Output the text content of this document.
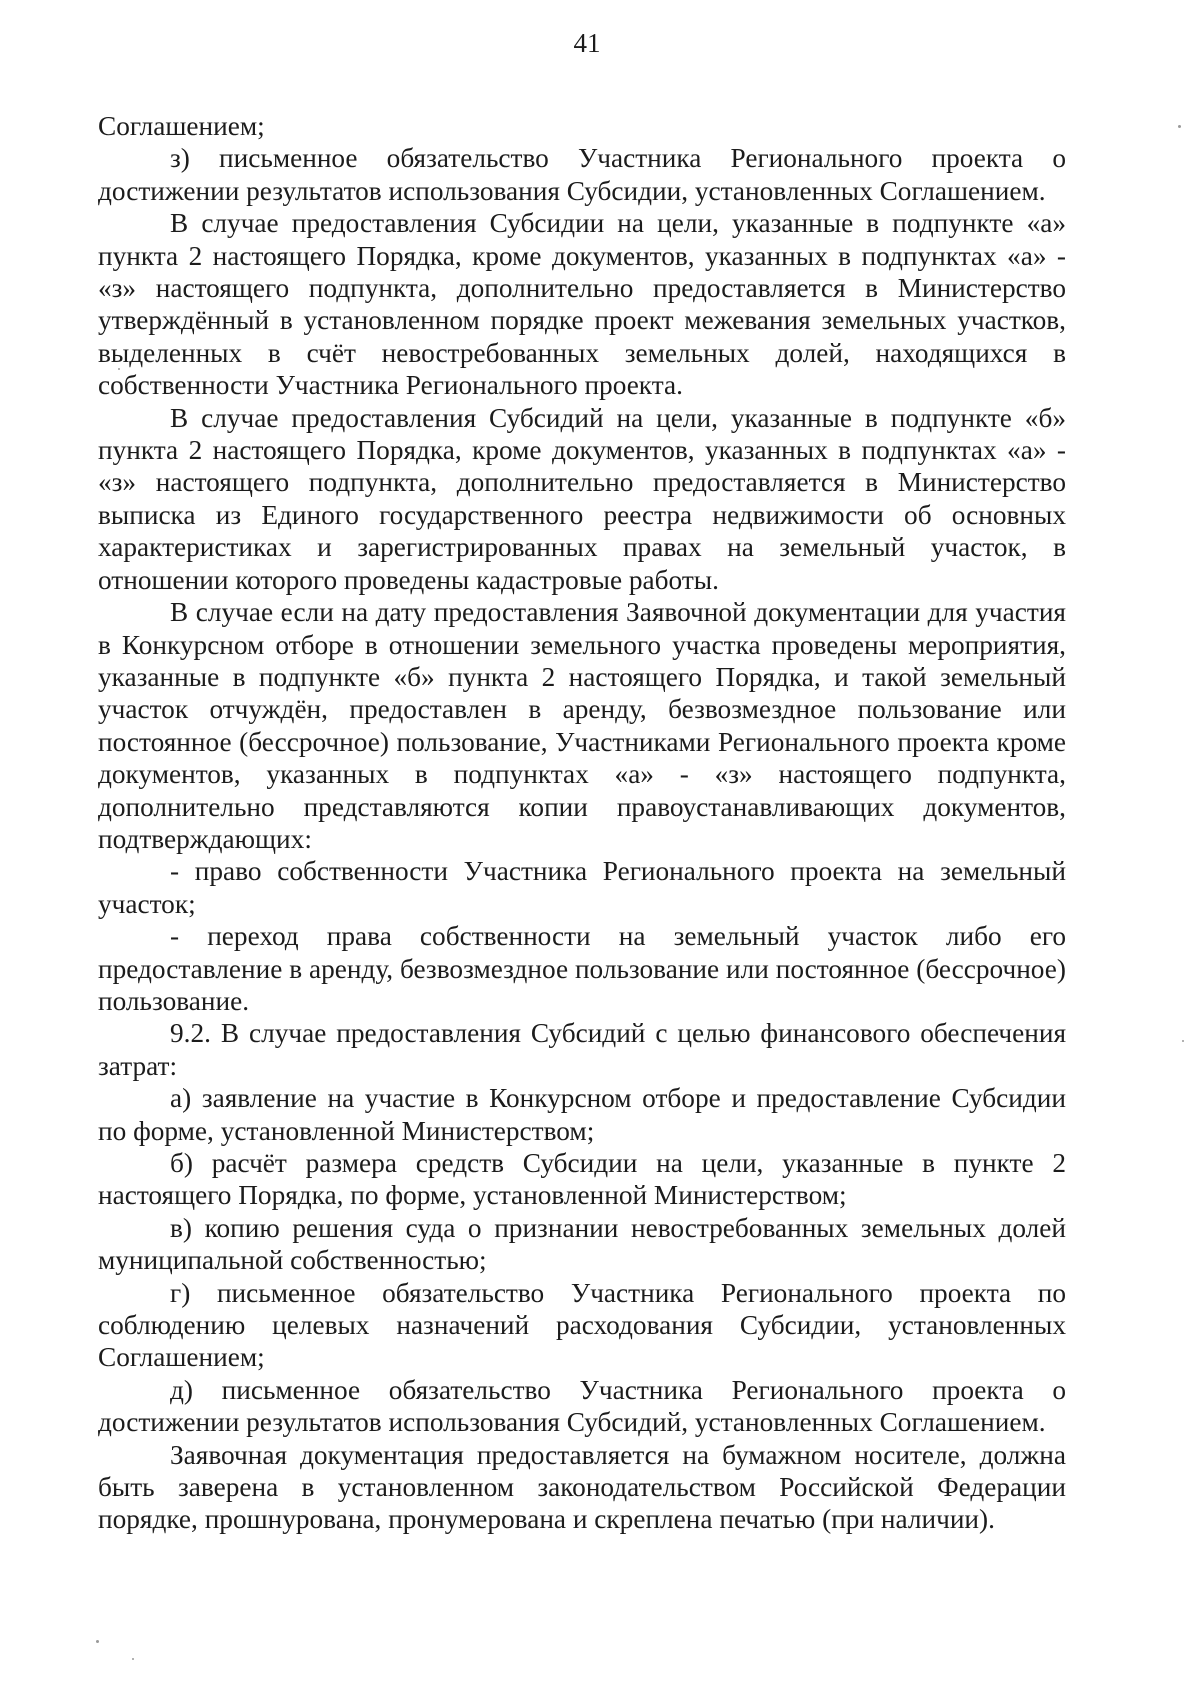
41

Соглашением;

з) письменное обязательство Участника Регионального проекта о достижении результатов использования Субсидии, установленных Соглашением.

В случае предоставления Субсидии на цели, указанные в подпункте «а» пункта 2 настоящего Порядка, кроме документов, указанных в подпунктах «а» - «з» настоящего подпункта, дополнительно предоставляется в Министерство утверждённый в установленном порядке проект межевания земельных участков, выделенных в счёт невостребованных земельных долей, находящихся в собственности Участника Регионального проекта.

В случае предоставления Субсидий на цели, указанные в подпункте «б» пункта 2 настоящего Порядка, кроме документов, указанных в подпунктах «а» - «з» настоящего подпункта, дополнительно предоставляется в Министерство выписка из Единого государственного реестра недвижимости об основных характеристиках и зарегистрированных правах на земельный участок, в отношении которого проведены кадастровые работы.

В случае если на дату предоставления Заявочной документации для участия в Конкурсном отборе в отношении земельного участка проведены мероприятия, указанные в подпункте «б» пункта 2 настоящего Порядка, и такой земельный участок отчуждён, предоставлен в аренду, безвозмездное пользование или постоянное (бессрочное) пользование, Участниками Регионального проекта кроме документов, указанных в подпунктах «а» - «з» настоящего подпункта, дополнительно представляются копии правоустанавливающих документов, подтверждающих:

- право собственности Участника Регионального проекта на земельный участок;

- переход права собственности на земельный участок либо его предоставление в аренду, безвозмездное пользование или постоянное (бессрочное) пользование.

9.2. В случае предоставления Субсидий с целью финансового обеспечения затрат:

а) заявление на участие в Конкурсном отборе и предоставление Субсидии по форме, установленной Министерством;

б) расчёт размера средств Субсидии на цели, указанные в пункте 2 настоящего Порядка, по форме, установленной Министерством;

в) копию решения суда о признании невостребованных земельных долей муниципальной собственностью;

г) письменное обязательство Участника Регионального проекта по соблюдению целевых назначений расходования Субсидии, установленных Соглашением;

д) письменное обязательство Участника Регионального проекта о достижении результатов использования Субсидий, установленных Соглашением.

Заявочная документация предоставляется на бумажном носителе, должна быть заверена в установленном законодательством Российской Федерации порядке, прошнурована, пронумерована и скреплена печатью (при наличии).
